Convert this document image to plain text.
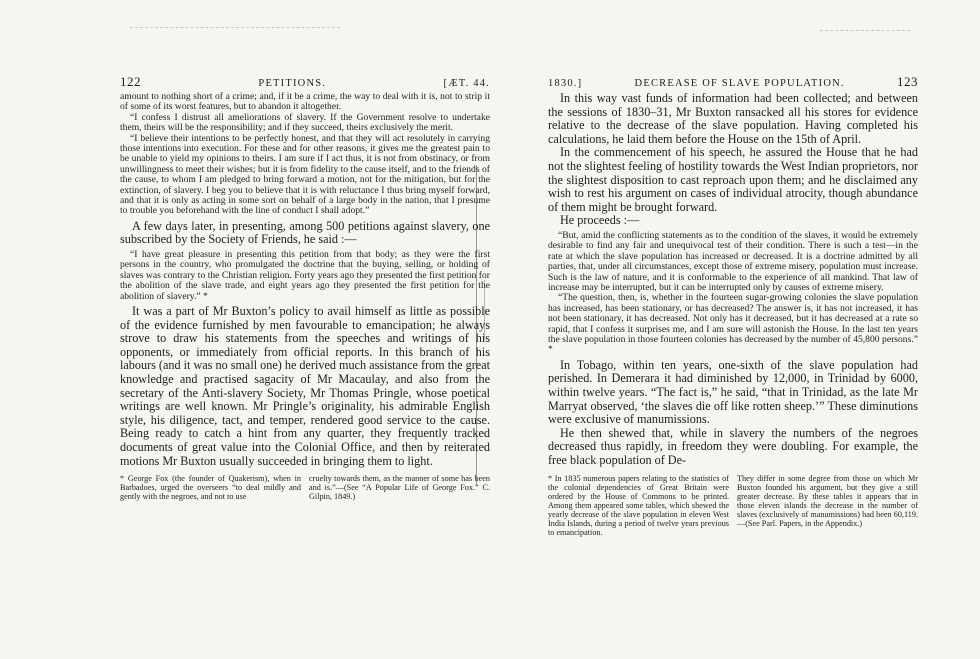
122	PETITIONS.	[ÆT. 44.

amount to nothing short of a crime; and, if it be a crime, the way to deal with it is, not to strip it of some of its worst features, but to abandon it altogether.

“I confess I distrust all ameliorations of slavery. If the Government resolve to undertake them, theirs will be the responsibility; and if they succeed, theirs exclusively the merit.

“I believe their intentions to be perfectly honest, and that they will act resolutely in carrying those intentions into execution. For these and for other reasons, it gives me the greatest pain to be unable to yield my opinions to theirs. I am sure if I act thus, it is not from obstinacy, or from unwillingness to meet their wishes; but it is from fidelity to the cause itself, and to the friends of the cause, to whom I am pledged to bring forward a motion, not for the mitigation, but for the extinction, of slavery. I beg you to believe that it is with reluctance I thus bring myself forward, and that it is only as acting in some sort on behalf of a large body in the nation, that I presume to trouble you beforehand with the line of conduct I shall adopt.”

A few days later, in presenting, among 500 petitions against slavery, one subscribed by the Society of Friends, he said :—

“I have great pleasure in presenting this petition from that body; as they were the first persons in the country, who promulgated the doctrine that the buying, selling, or holding of slaves was contrary to the Christian religion. Forty years ago they presented the first petition for the abolition of the slave trade, and eight years ago they presented the first petition for the abolition of slavery.” *

It was a part of Mr Buxton’s policy to avail himself as little as possible of the evidence furnished by men favourable to emancipation; he always strove to draw his statements from the speeches and writings of his opponents, or immediately from official reports. In this branch of his labours (and it was no small one) he derived much assistance from the great knowledge and practised sagacity of Mr Macaulay, and also from the secretary of the Anti-slavery Society, Mr Thomas Pringle, whose poetical writings are well known. Mr Pringle’s originality, his admirable English style, his diligence, tact, and temper, rendered good service to the cause. Being ready to catch a hint from any quarter, they frequently tracked documents of great value into the Colonial Office, and then by reiterated motions Mr Buxton usually succeeded in bringing them to light.

* George Fox (the founder of Quakerism), when in Barbadoes, urged the overseers “to deal mildly and gently with the negroes, and not to use
cruelty towards them, as the manner of some has been and is.”—(See “A Popular Life of George Fox.” C. Gilpin, 1849.)
1830.]	DECREASE OF SLAVE POPULATION.	123

In this way vast funds of information had been collected; and between the sessions of 1830–31, Mr Buxton ransacked all his stores for evidence relative to the decrease of the slave population. Having completed his calculations, he laid them before the House on the 15th of April.

In the commencement of his speech, he assured the House that he had not the slightest feeling of hostility towards the West Indian proprietors, nor the slightest disposition to cast reproach upon them; and he disclaimed any wish to rest his argument on cases of individual atrocity, though abundance of them might be brought forward.

He proceeds :—

“But, amid the conflicting statements as to the condition of the slaves, it would be extremely desirable to find any fair and unequivocal test of their condition. There is such a test—in the rate at which the slave population has increased or decreased. It is a doctrine admitted by all parties, that, under all circumstances, except those of extreme misery, population must increase. Such is the law of nature, and it is conformable to the experience of all mankind. That law of increase may be interrupted, but it can be interrupted only by causes of extreme misery.

“The question, then, is, whether in the fourteen sugar-growing colonies the slave population has increased, has been stationary, or has decreased? The answer is, it has not increased, it has not been stationary, it has decreased. Not only has it decreased, but it has decreased at a rate so rapid, that I confess it surprises me, and I am sure will astonish the House. In the last ten years the slave population in those fourteen colonies has decreased by the number of 45,800 persons.” *

In Tobago, within ten years, one-sixth of the slave population had perished. In Demerara it had diminished by 12,000, in Trinidad by 6000, within twelve years. “The fact is,” he said, “that in Trinidad, as the late Mr Marryat observed, ‘the slaves die off like rotten sheep.’” These diminutions were exclusive of manumissions.

He then shewed that, while in slavery the numbers of the negroes decreased thus rapidly, in freedom they were doubling. For example, the free black population of De-

* In 1835 numerous papers relating to the statistics of the colonial dependencies of Great Britain were ordered by the House of Commons to be printed. Among them appeared some tables, which shewed the yearly decrease of the slave population in eleven West India Islands, during a period of twelve years previous to emancipation.
They differ in some degree from those on which Mr Buxton founded his argument, but they give a still greater decrease. By these tables it appears that in those eleven islands the decrease in the number of slaves (exclusively of manumissions) had been 60,119.—(See Parl. Papers, in the Appendix.)
